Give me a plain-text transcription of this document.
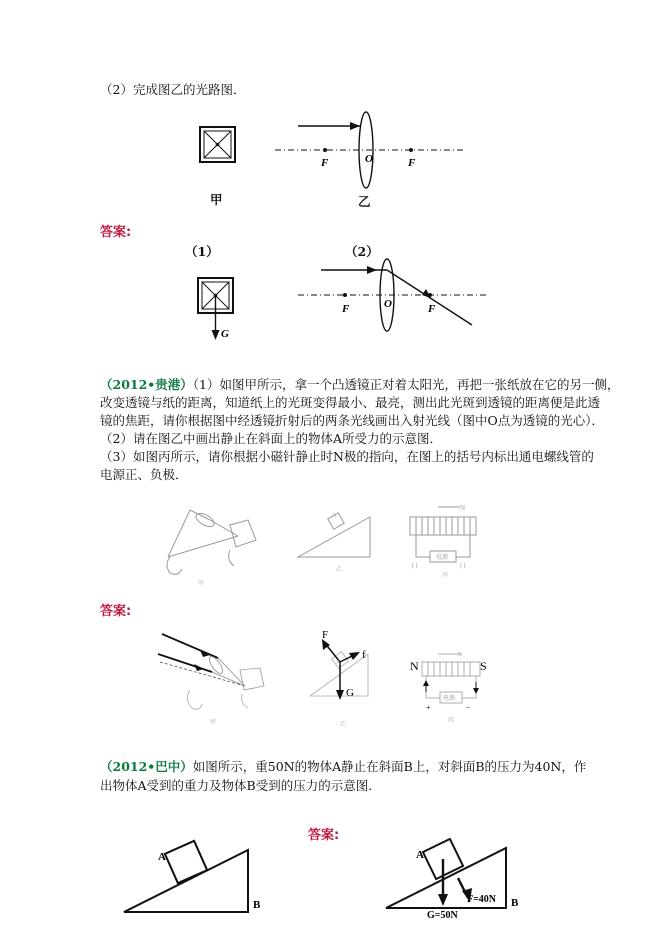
（2）完成图乙的光路图．
F	O	F
甲	乙
答案:
（1）	（2）
G
F	O	F
（2012•贵港）（1）如图甲所示，拿一个凸透镜正对着太阳光，再把一张纸放在它的另一侧，
改变透镜与纸的距离，知道纸上的光斑变得最小、最亮，测出此光斑到透镜的距离便是此透
镜的焦距，请你根据图中经透镜折射后的两条光线画出入射光线（图中O点为透镜的光心）．
（2）请在图乙中画出静止在斜面上的物体A所受力的示意图．
（3）如图丙所示，请你根据小磁针静止时N极的指向，在图上的括号内标出通电螺线管的
电源正、负极．
N
电源
A
( )	( )
甲
乙
丙
答案:
F
f
G
A	N	S
N
电源
+	−
甲	乙
丙
（2012•巴中）如图所示，重50N的物体A静止在斜面B上，对斜面B的压力为40N，作
出物体A受到的重力及物体B受到的压力的示意图．
答案:
A
B
A
B
F=40N
G=50N
